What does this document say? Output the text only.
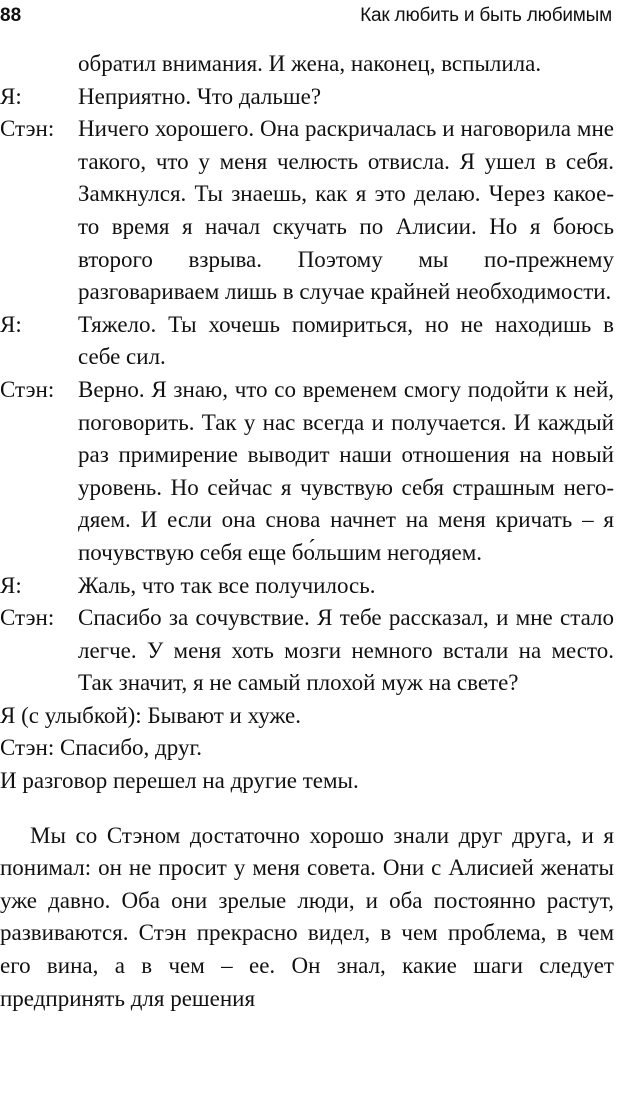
88	Как любить и быть любимым
обратил внимания. И жена, наконец, вспылила.
Я:	Неприятно. Что дальше?
Стэн:	Ничего хорошего. Она раскричалась и наговорила мне такого, что у меня челюсть отвисла. Я ушел в себя. Замкнулся. Ты знаешь, как я это делаю. Через какое-то время я начал скучать по Алисии. Но я боюсь второго взрыва. Поэтому мы по-прежнему разговариваем лишь в случае крайней необходимости.
Я:	Тяжело. Ты хочешь помириться, но не находишь в себе сил.
Стэн:	Верно. Я знаю, что со временем смогу подойти к ней, поговорить. Так у нас всегда и получается. И каждый раз примирение выводит наши отношения на новый уровень. Но сейчас я чувствую себя страшным негодяем. И если она снова начнет на меня кричать – я почувствую себя еще бо́льшим негодяем.
Я:	Жаль, что так все получилось.
Стэн:	Спасибо за сочувствие. Я тебе рассказал, и мне стало легче. У меня хоть мозги немного встали на место. Так значит, я не самый плохой муж на свете?
Я (с улыбкой): Бывают и хуже.
Стэн: Спасибо, друг.
И разговор перешел на другие темы.

Мы со Стэном достаточно хорошо знали друг друга, и я понимал: он не просит у меня совета. Они с Алисией женаты уже давно. Оба они зрелые люди, и оба постоянно растут, развиваются. Стэн прекрасно видел, в чем проблема, в чем его вина, а в чем – ее. Он знал, какие шаги следует предпринять для решения
